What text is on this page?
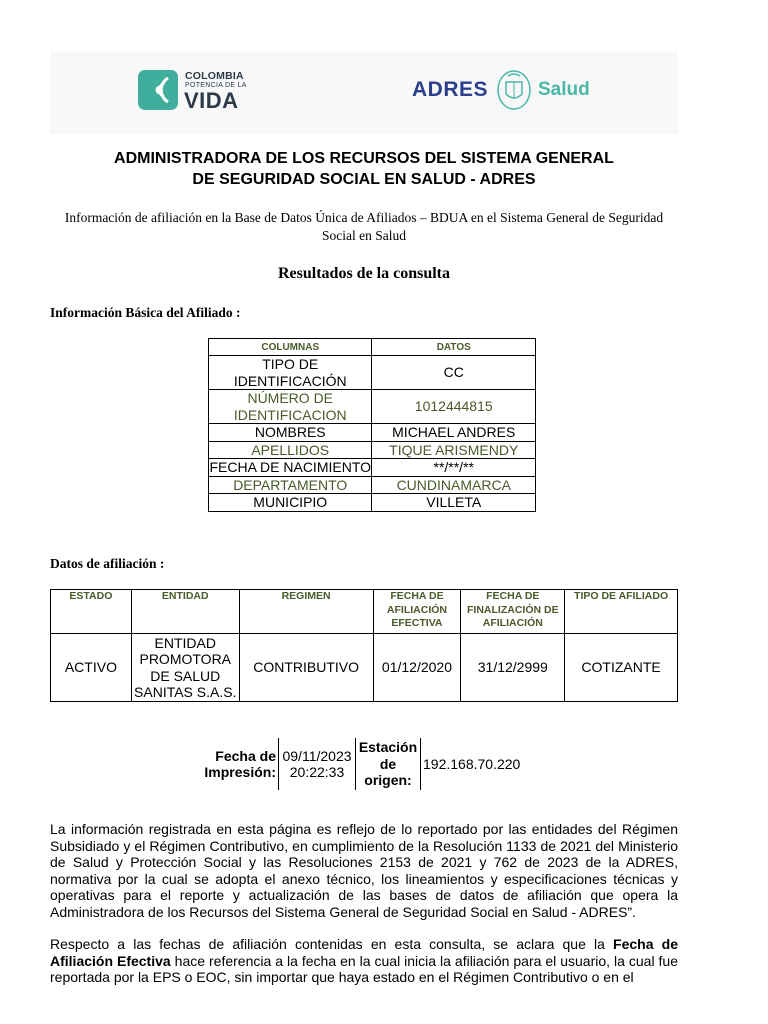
COLOMBIA
POTENCIA DE LA
VIDA	ADRES	Salud
ADMINISTRADORA DE LOS RECURSOS DEL SISTEMA GENERAL
DE SEGURIDAD SOCIAL EN SALUD - ADRES
Información de afiliación en la Base de Datos Única de Afiliados – BDUA en el Sistema General de Seguridad Social en Salud
Resultados de la consulta
Información Básica del Afiliado :
COLUMNAS	DATOS
TIPO DE IDENTIFICACIÓN	CC
NÚMERO DE IDENTIFICACION	1012444815
NOMBRES	MICHAEL ANDRES
APELLIDOS	TIQUE ARISMENDY
FECHA DE NACIMIENTO	**/**/**
DEPARTAMENTO	CUNDINAMARCA
MUNICIPIO	VILLETA
Datos de afiliación :
ESTADO	ENTIDAD	REGIMEN	FECHA DE AFILIACIÓN EFECTIVA	FECHA DE FINALIZACIÓN DE AFILIACIÓN	TIPO DE AFILIADO
ACTIVO	ENTIDAD PROMOTORA DE SALUD SANITAS S.A.S.	CONTRIBUTIVO	01/12/2020	31/12/2999	COTIZANTE
Fecha de Impresión:	09/11/2023 20:22:33	Estación de origen:	192.168.70.220
La información registrada en esta página es reflejo de lo reportado por las entidades del Régimen Subsidiado y el Régimen Contributivo, en cumplimiento de la Resolución 1133 de 2021 del Ministerio de Salud y Protección Social y las Resoluciones 2153 de 2021 y 762 de 2023 de la ADRES, normativa por la cual se adopta el anexo técnico, los lineamientos y especificaciones técnicas y operativas para el reporte y actualización de las bases de datos de afiliación que opera la Administradora de los Recursos del Sistema General de Seguridad Social en Salud - ADRES”.
Respecto a las fechas de afiliación contenidas en esta consulta, se aclara que la Fecha de Afiliación Efectiva hace referencia a la fecha en la cual inicia la afiliación para el usuario, la cual fue reportada por la EPS o EOC, sin importar que haya estado en el Régimen Contributivo o en el
